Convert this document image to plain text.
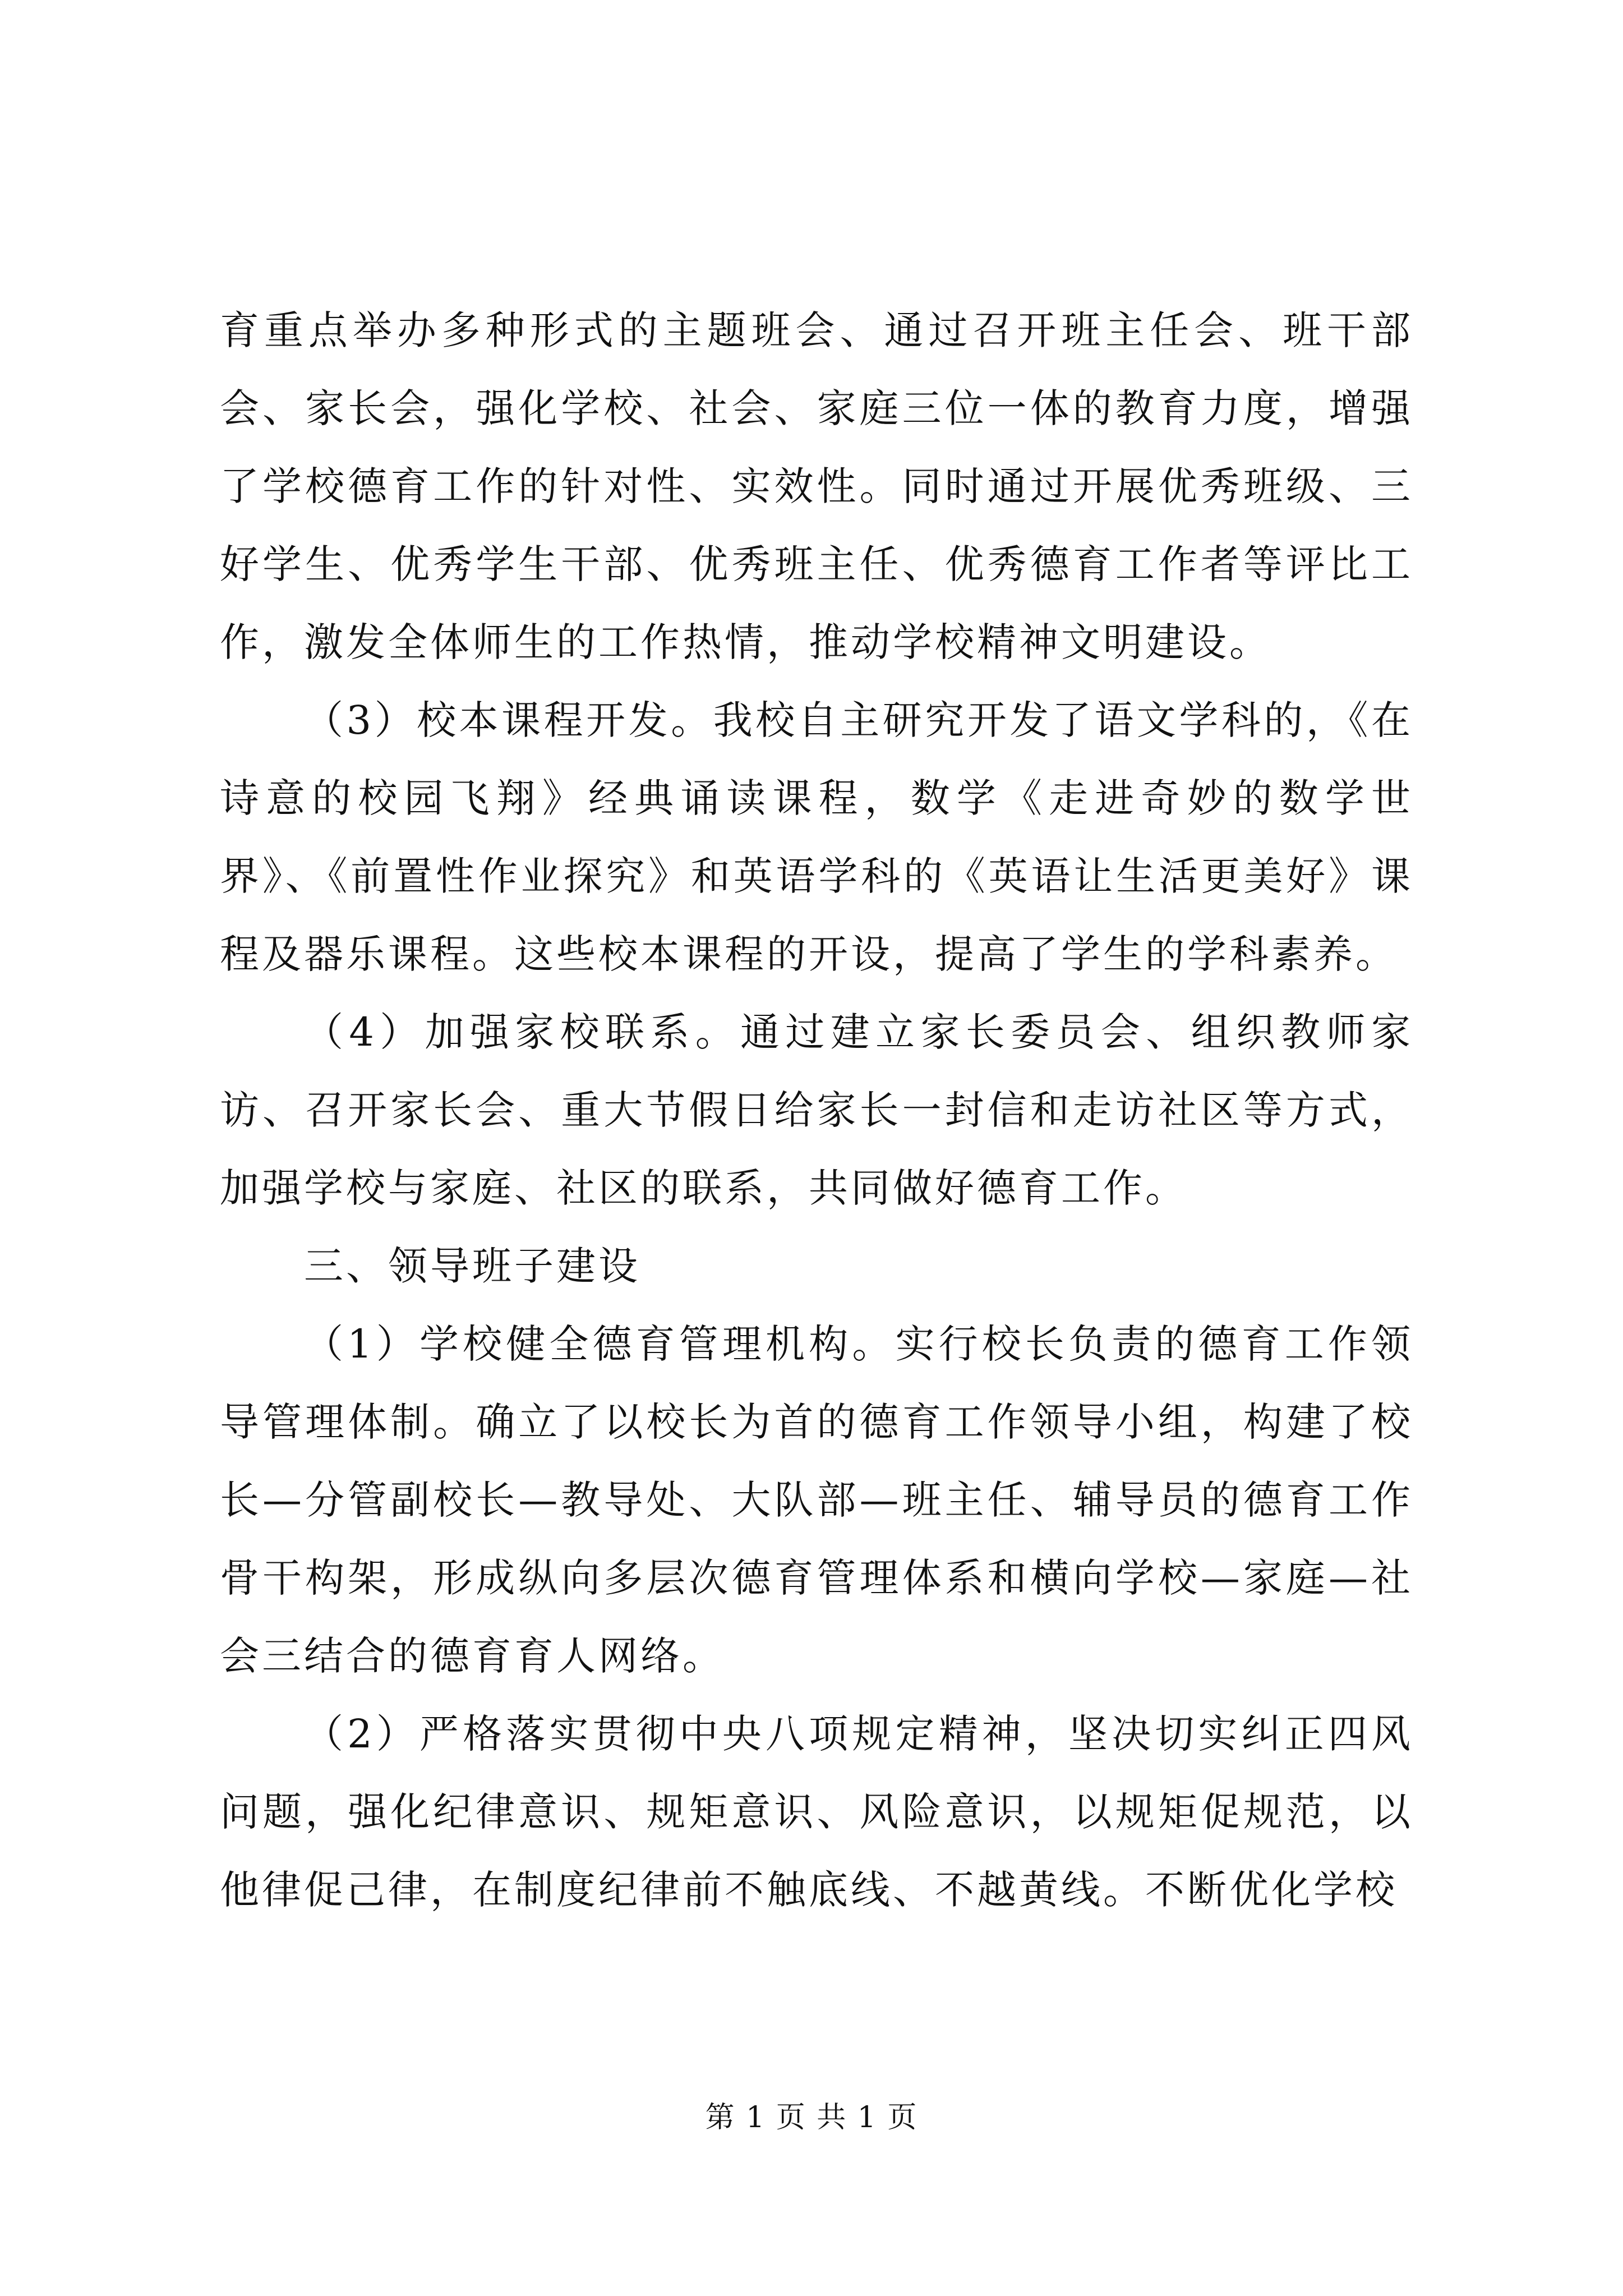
育重点举办多种形式的主题班会、通过召开班主任会、班干部会、家长会，强化学校、社会、家庭三位一体的教育力度，增强了学校德育工作的针对性、实效性。同时通过开展优秀班级、三好学生、优秀学生干部、优秀班主任、优秀德育工作者等评比工作，激发全体师生的工作热情，推动学校精神文明建设。

（3）校本课程开发。我校自主研究开发了语文学科的，《在诗意的校园飞翔》经典诵读课程，数学《走进奇妙的数学世界》、《前置性作业探究》和英语学科的《英语让生活更美好》课程及器乐课程。这些校本课程的开设，提高了学生的学科素养。

（4）加强家校联系。通过建立家长委员会、组织教师家访、召开家长会、重大节假日给家长一封信和走访社区等方式，加强学校与家庭、社区的联系，共同做好德育工作。

三、领导班子建设

（1）学校健全德育管理机构。实行校长负责的德育工作领导管理体制。确立了以校长为首的德育工作领导小组，构建了校长—分管副校长—教导处、大队部—班主任、辅导员的德育工作骨干构架，形成纵向多层次德育管理体系和横向学校—家庭—社会三结合的德育育人网络。

（2）严格落实贯彻中央八项规定精神，坚决切实纠正四风问题，强化纪律意识、规矩意识、风险意识，以规矩促规范，以他律促己律，在制度纪律前不触底线、不越黄线。不断优化学校

第 1 页 共 1 页
